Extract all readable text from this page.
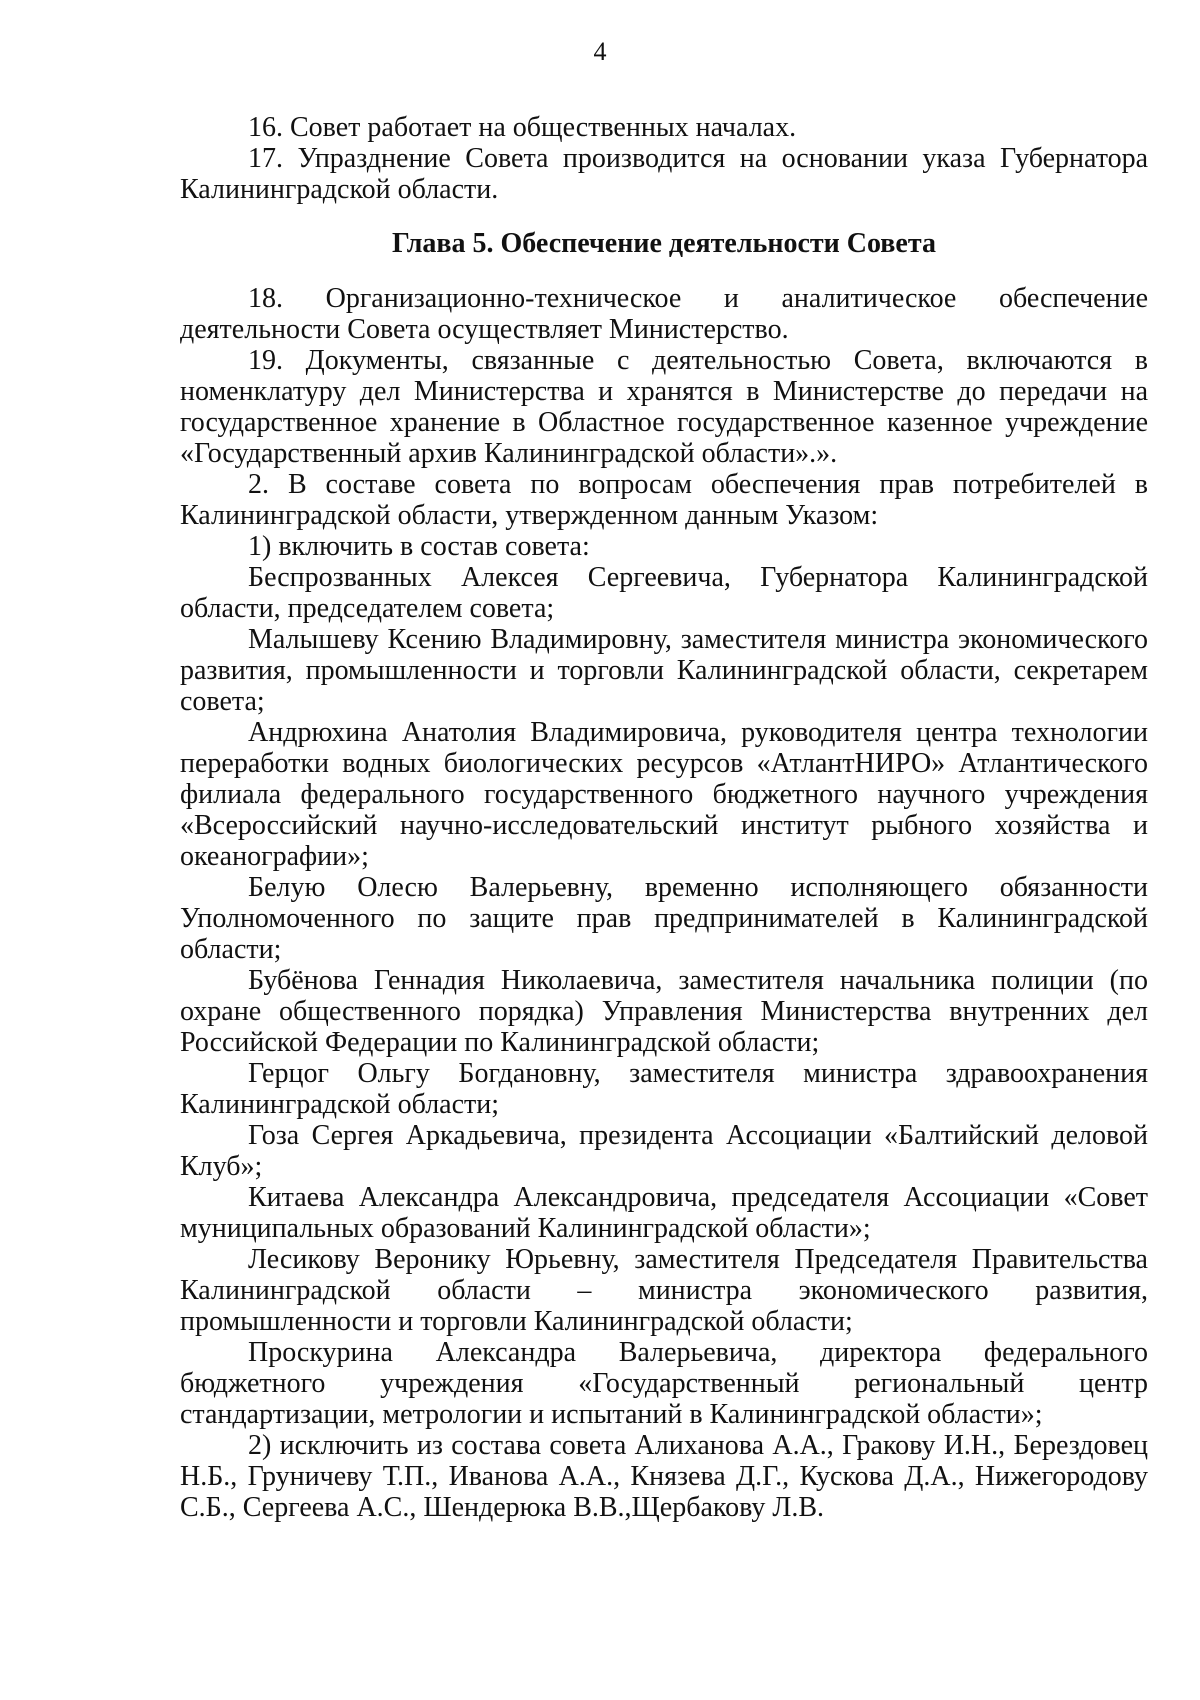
4

16. Совет работает на общественных началах.

17. Упразднение Совета производится на основании указа Губернатора Калининградской области.

Глава 5. Обеспечение деятельности Совета

18. Организационно-техническое и аналитическое обеспечение деятельности Совета осуществляет Министерство.

19. Документы, связанные с деятельностью Совета, включаются в номенклатуру дел Министерства и хранятся в Министерстве до передачи на государственное хранение в Областное государственное казенное учреждение «Государственный архив Калининградской области».».

2. В составе совета по вопросам обеспечения прав потребителей в Калининградской области, утвержденном данным Указом:

1) включить в состав совета:

Беспрозванных Алексея Сергеевича, Губернатора Калининградской области, председателем совета;

Малышеву Ксению Владимировну, заместителя министра экономического развития, промышленности и торговли Калининградской области, секретарем совета;

Андрюхина Анатолия Владимировича, руководителя центра технологии переработки водных биологических ресурсов «АтлантНИРО» Атлантического филиала федерального государственного бюджетного научного учреждения «Всероссийский научно-исследовательский институт рыбного хозяйства и океанографии»;

Белую Олесю Валерьевну, временно исполняющего обязанности Уполномоченного по защите прав предпринимателей в Калининградской области;

Бубёнова Геннадия Николаевича, заместителя начальника полиции (по охране общественного порядка) Управления Министерства внутренних дел Российской Федерации по Калининградской области;

Герцог Ольгу Богдановну, заместителя министра здравоохранения Калининградской области;

Гоза Сергея Аркадьевича, президента Ассоциации «Балтийский деловой Клуб»;

Китаева Александра Александровича, председателя Ассоциации «Совет муниципальных образований Калининградской области»;

Лесикову Веронику Юрьевну, заместителя Председателя Правительства Калининградской области – министра экономического развития, промышленности и торговли Калининградской области;

Проскурина Александра Валерьевича, директора федерального бюджетного учреждения «Государственный региональный центр стандартизации, метрологии и испытаний в Калининградской области»;

2) исключить из состава совета Алиханова А.А., Гракову И.Н., Берездовец Н.Б., Груничеву Т.П., Иванова А.А., Князева Д.Г., Кускова Д.А., Нижегородову С.Б., Сергеева А.С., Шендерюка В.В.,Щербакову Л.В.
